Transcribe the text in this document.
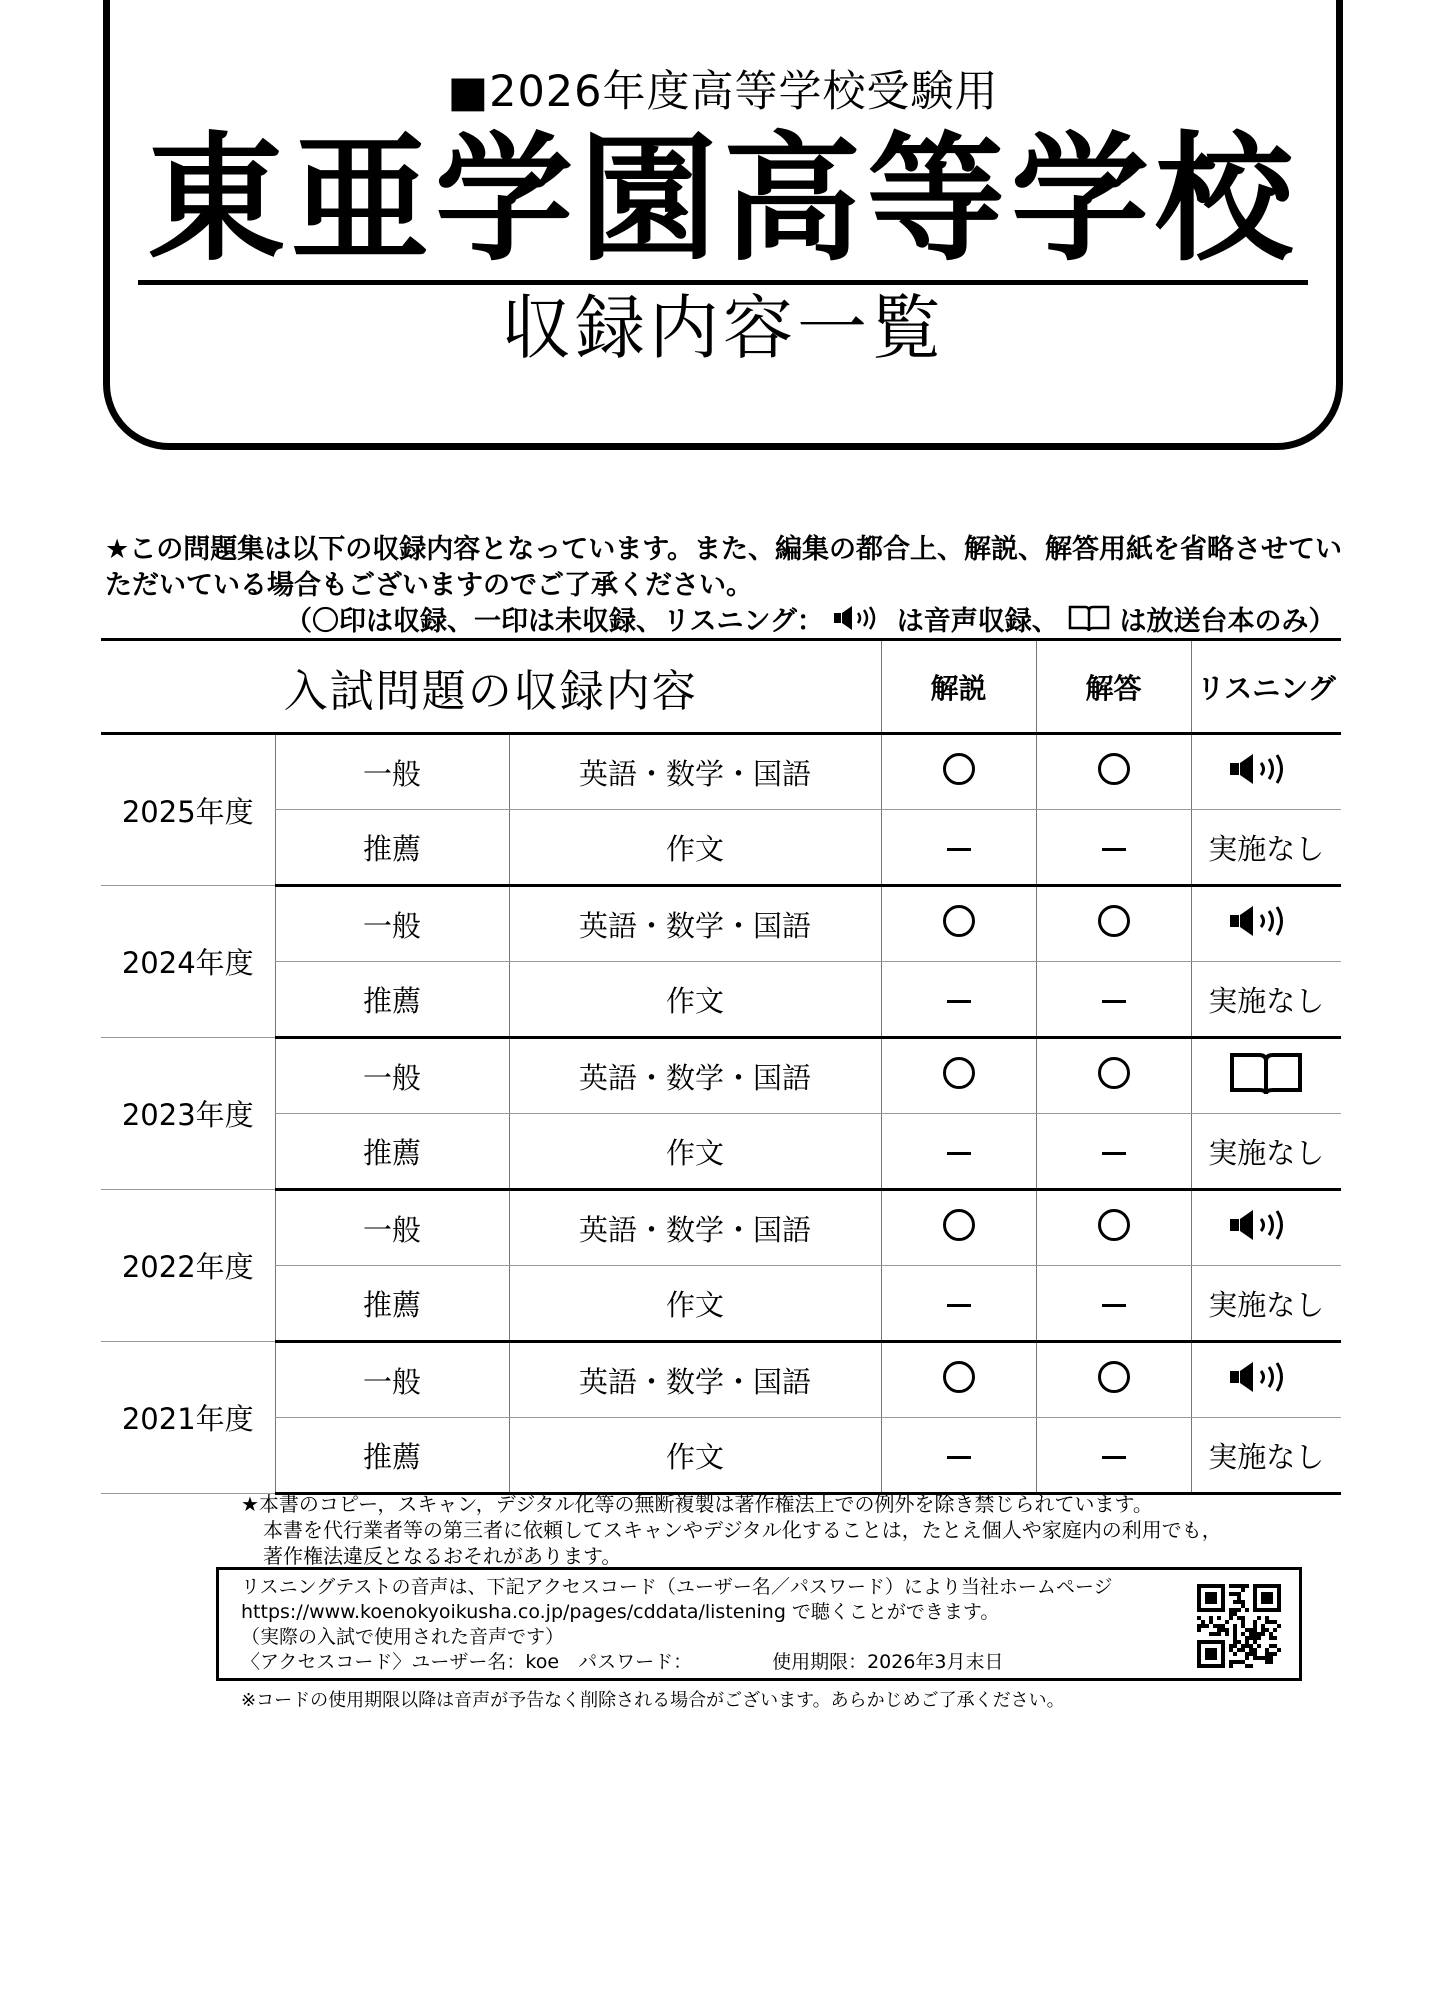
■2026年度高等学校受験用
東亜学園高等学校
収録内容一覧
★この問題集は以下の収録内容となっています。また、編集の都合上、解説、解答用紙を省略させていただいている場合もございますのでご了承ください。
（〇印は収録、一印は未収録、リスニング：	は音声収録、 は放送台本のみ）
入試問題の収録内容			解説	解答	リスニング
2025年度	一般	英語・数学・国語			
	推薦	作文			実施なし
2024年度	一般	英語・数学・国語			
	推薦	作文			実施なし
2023年度	一般	英語・数学・国語			
	推薦	作文			実施なし
2022年度	一般	英語・数学・国語			
	推薦	作文			実施なし
2021年度	一般	英語・数学・国語			
	推薦	作文			実施なし
★本書のコピー，スキャン，デジタル化等の無断複製は著作権法上での例外を除き禁じられています。
本書を代行業者等の第三者に依頼してスキャンやデジタル化することは，たとえ個人や家庭内の利用でも，
著作権法違反となるおそれがあります。
リスニングテストの音声は、下記アクセスコード（ユーザー名／パスワード）により当社ホームページ
https://www.koenokyoikusha.co.jp/pages/cddata/listening で聴くことができます。
（実際の入試で使用された音声です）
〈アクセスコード〉ユーザー名：koe　パスワード：	使用期限：2026年3月末日
※コードの使用期限以降は音声が予告なく削除される場合がございます。あらかじめご了承ください。
